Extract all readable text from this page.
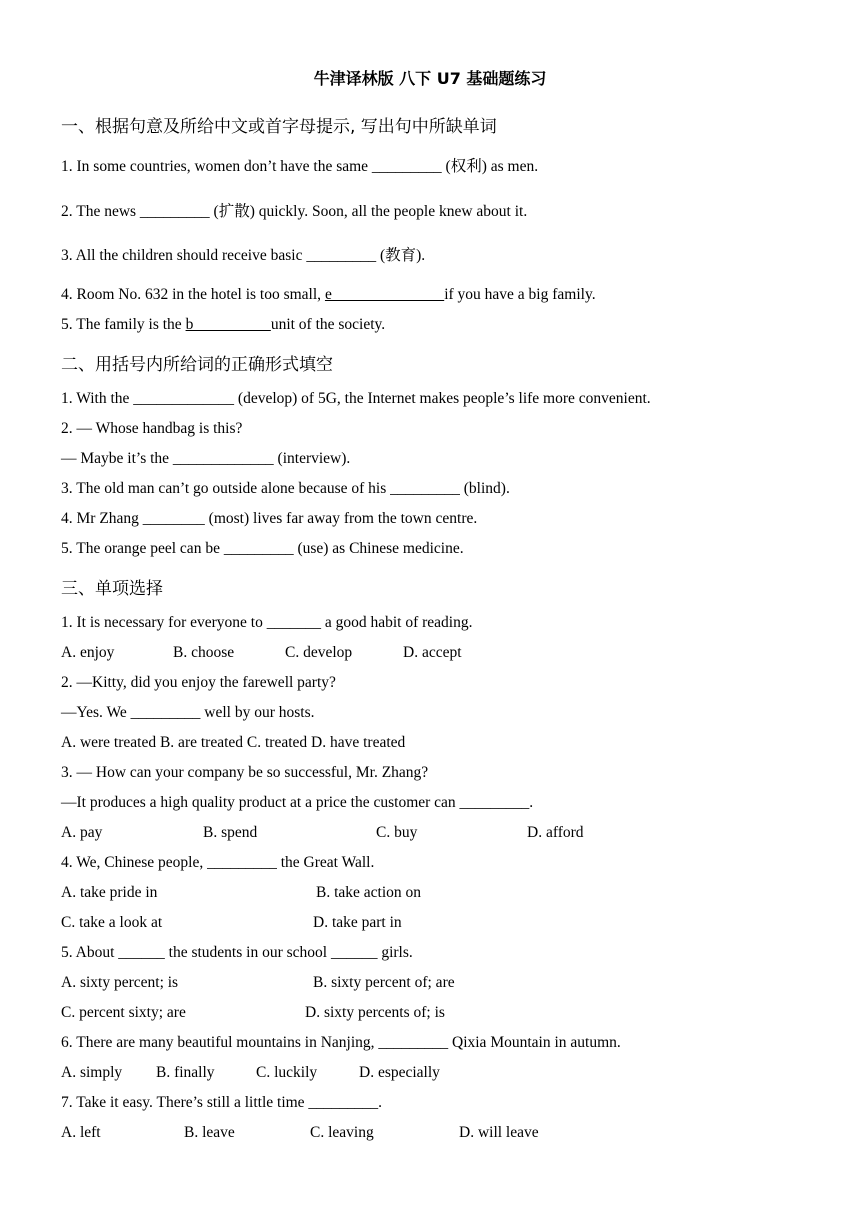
牛津译林版 八下 U7 基础题练习
一、根据句意及所给中文或首字母提示, 写出句中所缺单词
1. In some countries, women don’t have the same _________ (权利) as men.
2. The news _________ (扩散) quickly. Soon, all the people knew about it.
3. All the children should receive basic _________ (教育).
4. Room No. 632 in the hotel is too small, e                             if you have a big family.
5. The family is the b                    unit of the society.
二、用括号内所给词的正确形式填空
1. With the _____________ (develop) of 5G, the Internet makes people’s life more convenient.
2. — Whose handbag is this?
— Maybe it’s the _____________ (interview).
3. The old man can’t go outside alone because of his _________ (blind).
4. Mr Zhang ________ (most) lives far away from the town centre.
5. The orange peel can be _________ (use) as Chinese medicine.
三、单项选择
1. It is necessary for everyone to _______ a good habit of reading.
A. enjoy	B. choose	C. develop	D. accept
2. —Kitty, did you enjoy the farewell party?
—Yes. We _________ well by our hosts.
A. were treated B. are treated C. treated D. have treated
3. — How can your company be so successful, Mr. Zhang?
—It produces a high quality product at a price the customer can _________.
A. pay	B. spend	C. buy	D. afford
4. We, Chinese people, _________ the Great Wall.
A. take pride in	B. take action on
C. take a look at	D. take part in
5. About ______ the students in our school ______ girls.
A. sixty percent; is	B. sixty percent of; are
C. percent sixty; are	D. sixty percents of; is
6. There are many beautiful mountains in Nanjing, _________ Qixia Mountain in autumn.
A. simply B. finally	C. luckily	D. especially
7. Take it easy. There’s still a little time _________.
A. left	B. leave	C. leaving	D. will leave
